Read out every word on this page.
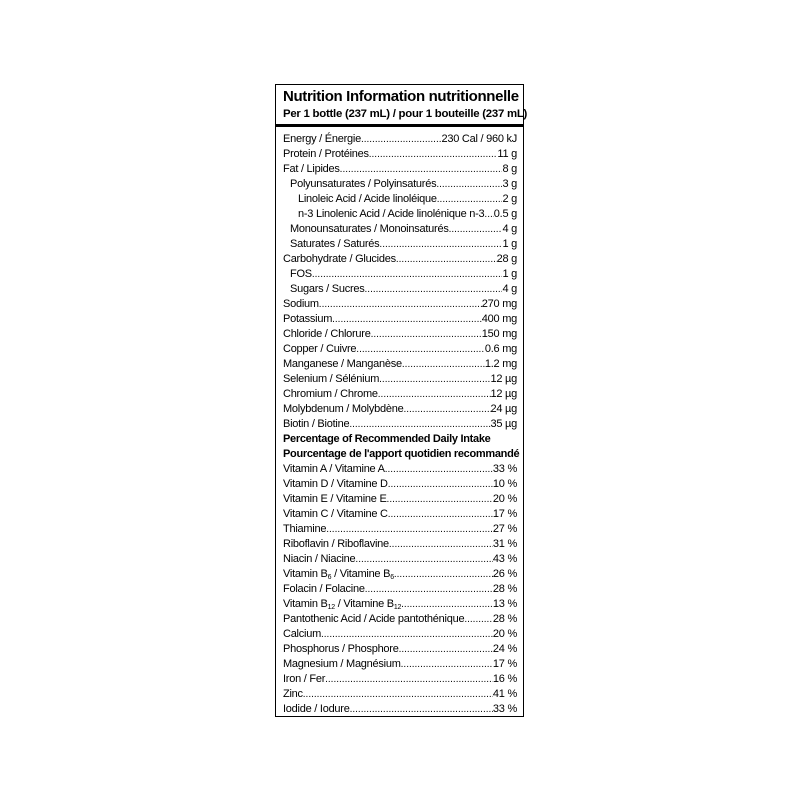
Nutrition Information nutritionnelle
Per 1 bottle (237 mL) / pour 1 bouteille (237 mL)
Energy / Énergie .....	230 Cal / 960 kJ
Protein / Protéines .....	11 g
Fat / Lipides .....	8 g
Polyunsaturates / Polyinsaturés .....	3 g
Linoleic Acid / Acide linoléique .....	2 g
n-3 Linolenic Acid / Acide linolénique n-3 ..... 0.5 g
Monounsaturates / Monoinsaturés .....	4 g
Saturates / Saturés .....	1 g
Carbohydrate / Glucides .....	28 g
FOS .....	1 g
Sugars / Sucres .....	4 g
Sodium .....	270 mg
Potassium .....	400 mg
Chloride / Chlorure .....	150 mg
Copper / Cuivre .....	0.6 mg
Manganese / Manganèse .....	1.2 mg
Selenium / Sélénium .....	12 µg
Chromium / Chrome .....	12 µg
Molybdenum / Molybdène .....	24 µg
Biotin / Biotine .....	35 µg
Percentage of Recommended Daily Intake
Pourcentage de l'apport quotidien recommandé
Vitamin A / Vitamine A .....	33 %
Vitamin D / Vitamine D .....	10 %
Vitamin E / Vitamine E .....	20 %
Vitamin C / Vitamine C .....	17 %
Thiamine .....	27 %
Riboflavin / Riboflavine .....	31 %
Niacin / Niacine .....	43 %
Vitamin $B_6$ / Vitamine $B_6$ .....	26 %
Folacin / Folacine .....	28 %
Vitamin $B_{12}$ / Vitamine $B_{12}$ .....	13 %
Pantothenic Acid / Acide pantothénique .....	28 %
Calcium .....	20 %
Phosphorus / Phosphore .....	24 %
Magnesium / Magnésium .....	17 %
Iron / Fer .....	16 %
Zinc .....	41 %
Iodide / Iodure .....	33 %
